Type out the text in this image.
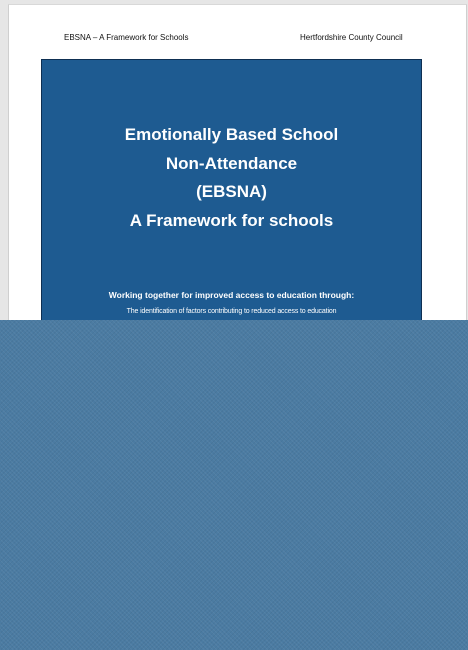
EBSNA – A Framework for Schools	Hertfordshire County Council
Emotionally Based School
Non-Attendance
(EBSNA)
A Framework for schools
Working together for improved access to education through:
The identification of factors contributing to reduced access to education
